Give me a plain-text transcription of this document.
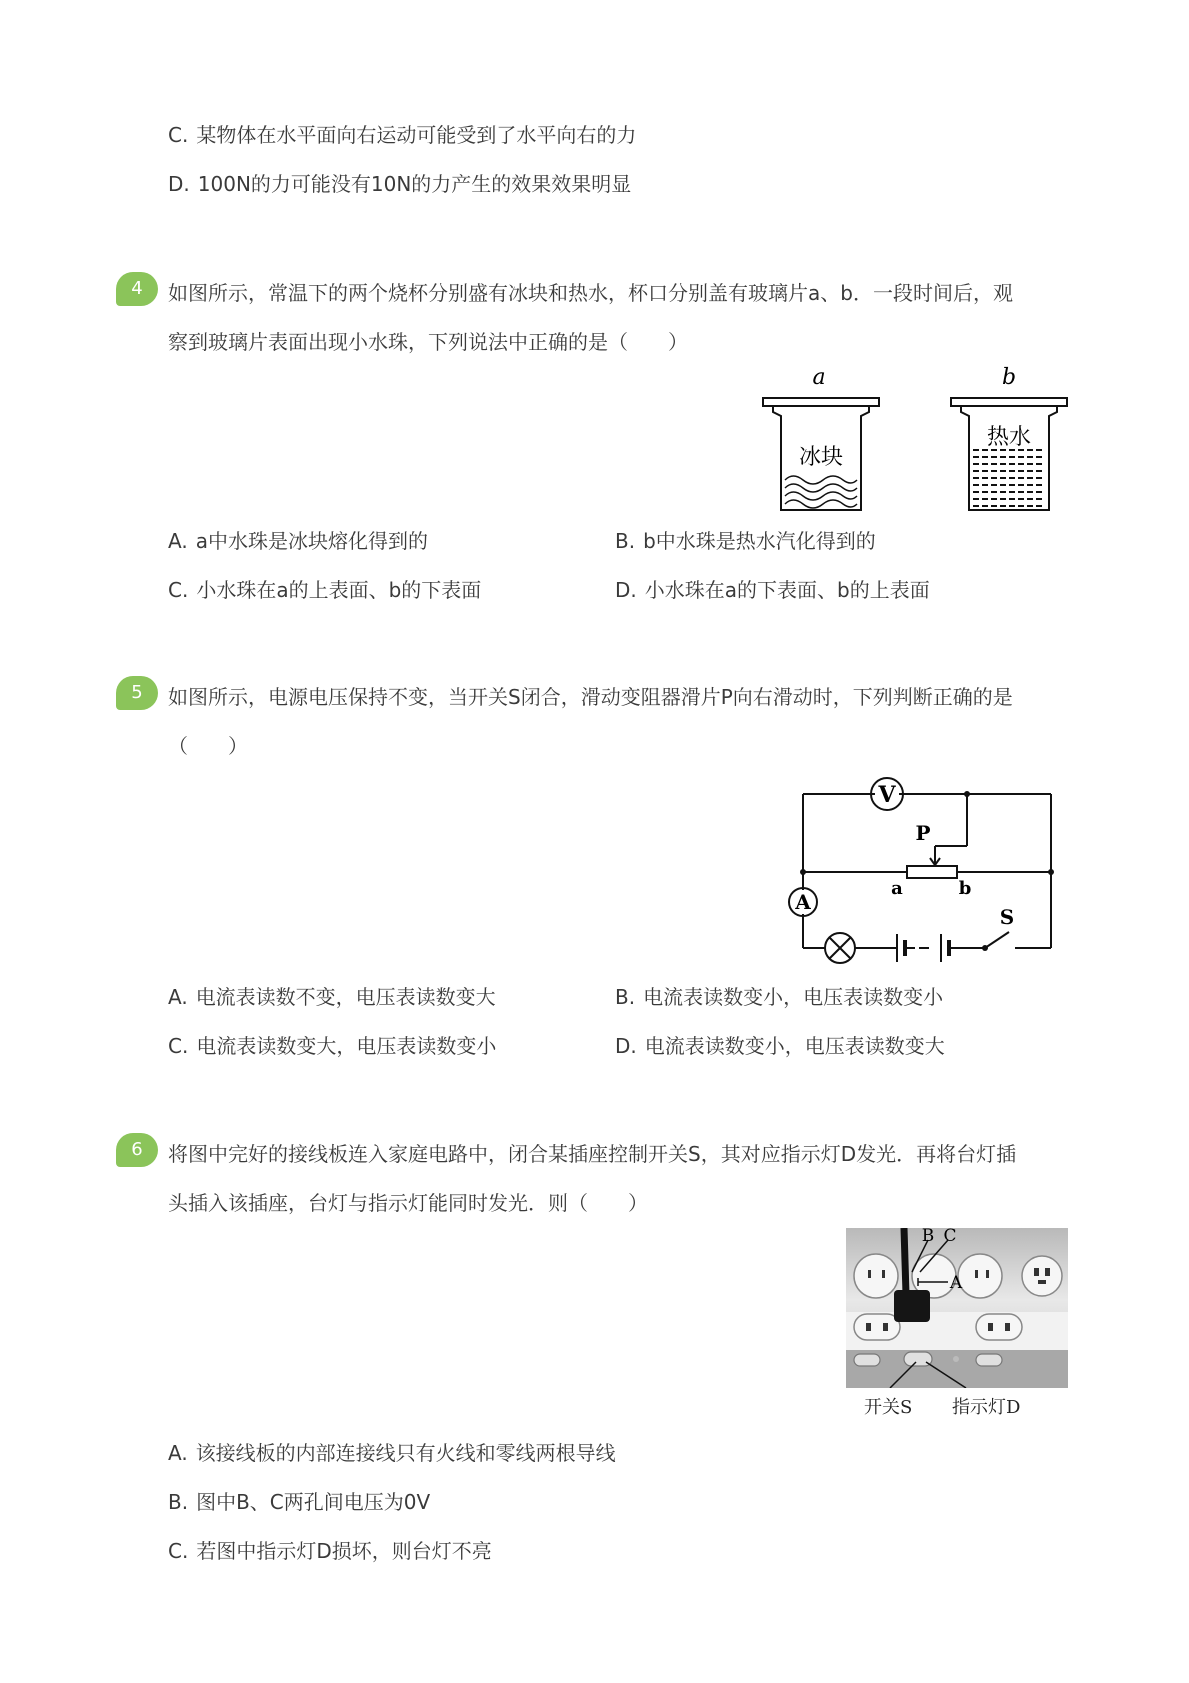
C. 某物体在水平面向右运动可能受到了水平向右的力
D. 100N的力可能没有10N的力产生的效果效果明显
4	如图所示，常温下的两个烧杯分别盛有冰块和热水，杯口分别盖有玻璃片a、b．一段时间后，观
察到玻璃片表面出现小水珠，下列说法中正确的是（　　）
a	b
冰块
热水
A. a中水珠是冰块熔化得到的	B. b中水珠是热水汽化得到的
C. 小水珠在a的上表面、b的下表面	D. 小水珠在a的下表面、b的上表面
5	如图所示，电源电压保持不变，当开关S闭合，滑动变阻器滑片P向右滑动时，下列判断正确的是
（　　）
V
A
P
a	b
S
A. 电流表读数不变，电压表读数变大	B. 电流表读数变小，电压表读数变小
C. 电流表读数变大，电压表读数变小	D. 电流表读数变小，电压表读数变大
6	将图中完好的接线板连入家庭电路中，闭合某插座控制开关S，其对应指示灯D发光．再将台灯插
头插入该插座，台灯与指示灯能同时发光．则（　　）
B C
A
开关S 指示灯D
A. 该接线板的内部连接线只有火线和零线两根导线
B. 图中B、C两孔间电压为0V
C. 若图中指示灯D损坏，则台灯不亮
